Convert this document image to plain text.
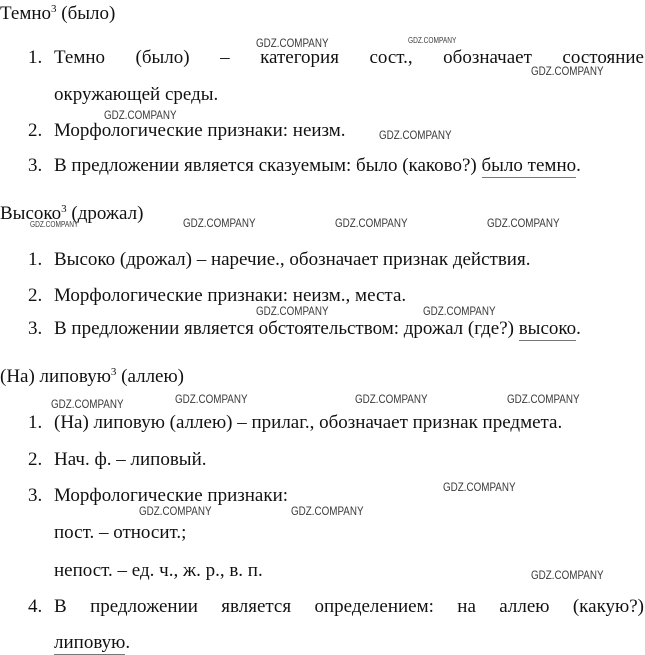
Темно$^3$ (было)
1. Темно (было) – категория сост., обозначает состояние
окружающей среды.
2. Морфологические признаки: неизм.
3. В предложении является сказуемым: было (каково?) было темно.
Высоко$^3$ (дрожал)
1. Высоко (дрожал) – наречие., обозначает признак действия.
2. Морфологические признаки: неизм., места.
3. В предложении является обстоятельством: дрожал (где?) высоко.
(На) липовую$^3$ (аллею)
1. (На) липовую (аллею) – прилаг., обозначает признак предмета.
2. Нач. ф. – липовый.
3. Морфологические признаки:
пост. – относит.;
непост. – ед. ч., ж. р., в. п.
4. В предложении является определением: на аллею (какую?)
липовую.
GDZ.COMPANY	GDZ.COMPANY
GDZ.COMPANY
GDZ.COMPANY
GDZ.COMPANY
GDZ.COMPANY	GDZ.COMPANY	GDZ.COMPANY	GDZ.COMPANY
GDZ.COMPANY	GDZ.COMPANY
GDZ.COMPANY	GDZ.COMPANY	GDZ.COMPANY	GDZ.COMPANY
GDZ.COMPANY
GDZ.COMPANY	GDZ.COMPANY
GDZ.COMPANY
